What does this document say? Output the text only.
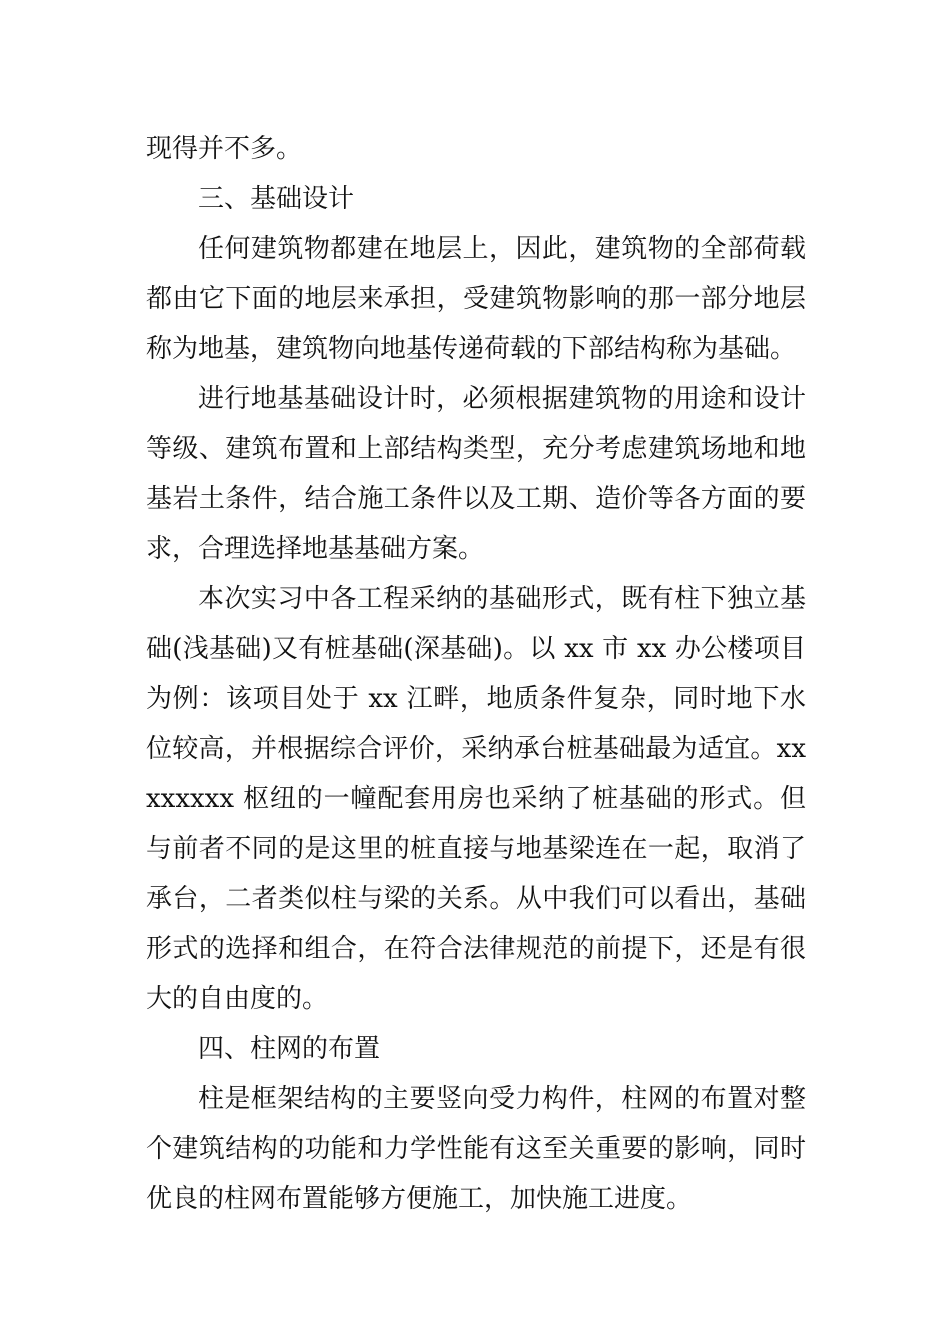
现得并不多。

三、基础设计

任何建筑物都建在地层上，因此，建筑物的全部荷载都由它下面的地层来承担，受建筑物影响的那一部分地层称为地基，建筑物向地基传递荷载的下部结构称为基础。

进行地基基础设计时，必须根据建筑物的用途和设计等级、建筑布置和上部结构类型，充分考虑建筑场地和地基岩土条件，结合施工条件以及工期、造价等各方面的要求，合理选择地基基础方案。

本次实习中各工程采纳的基础形式，既有柱下独立基础(浅基础)又有桩基础(深基础)。以 xx 市 xx 办公楼项目为例：该项目处于 xx 江畔，地质条件复杂，同时地下水位较高，并根据综合评价，采纳承台桩基础最为适宜。xxxxxxxx 枢纽的一幢配套用房也采纳了桩基础的形式。但与前者不同的是这里的桩直接与地基梁连在一起，取消了承台，二者类似柱与梁的关系。从中我们可以看出，基础形式的选择和组合，在符合法律规范的前提下，还是有很大的自由度的。

四、柱网的布置

柱是框架结构的主要竖向受力构件，柱网的布置对整个建筑结构的功能和力学性能有这至关重要的影响，同时优良的柱网布置能够方便施工，加快施工进度。
